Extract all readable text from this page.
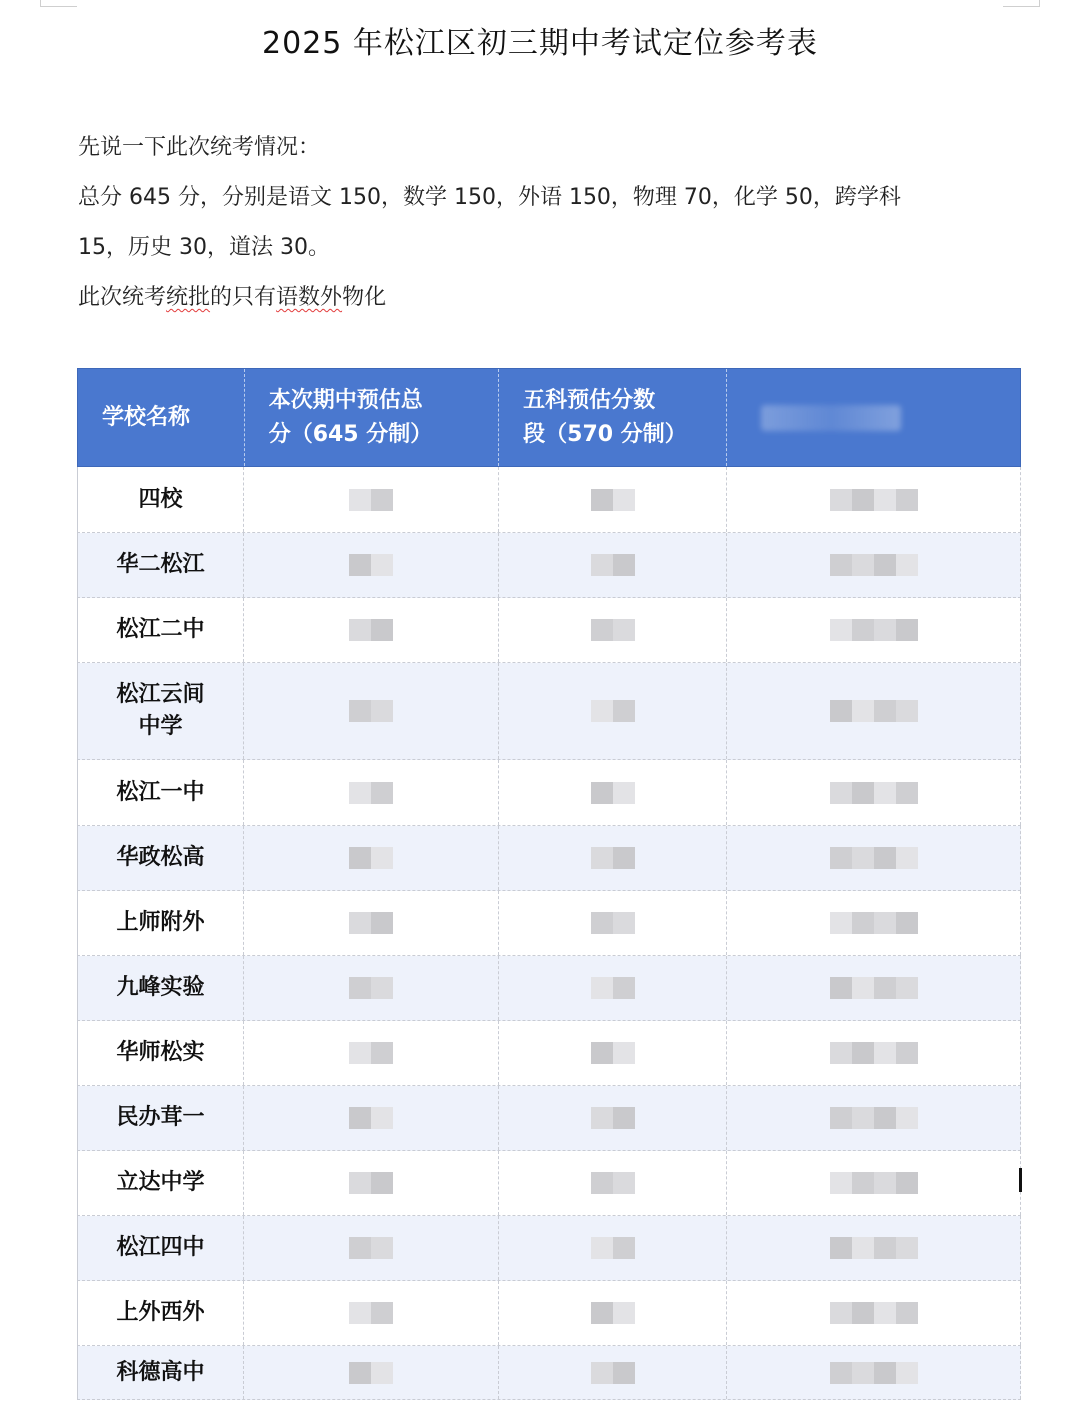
2025 年松江区初三期中考试定位参考表

先说一下此次统考情况：

总分 645 分，分别是语文 150，数学 150，外语 150，物理 70，化学 50，跨学科

15，历史 30，道法 30。

此次统考统批的只有语数外物化

学校名称
本次期中预估总
分（645 分制）
五科预估分数
段（570 分制）
四校
华二松江
松江二中
松江云间
中学
松江一中
华政松高
上师附外
九峰实验
华师松实
民办茸一
立达中学
松江四中
上外西外
科德高中
